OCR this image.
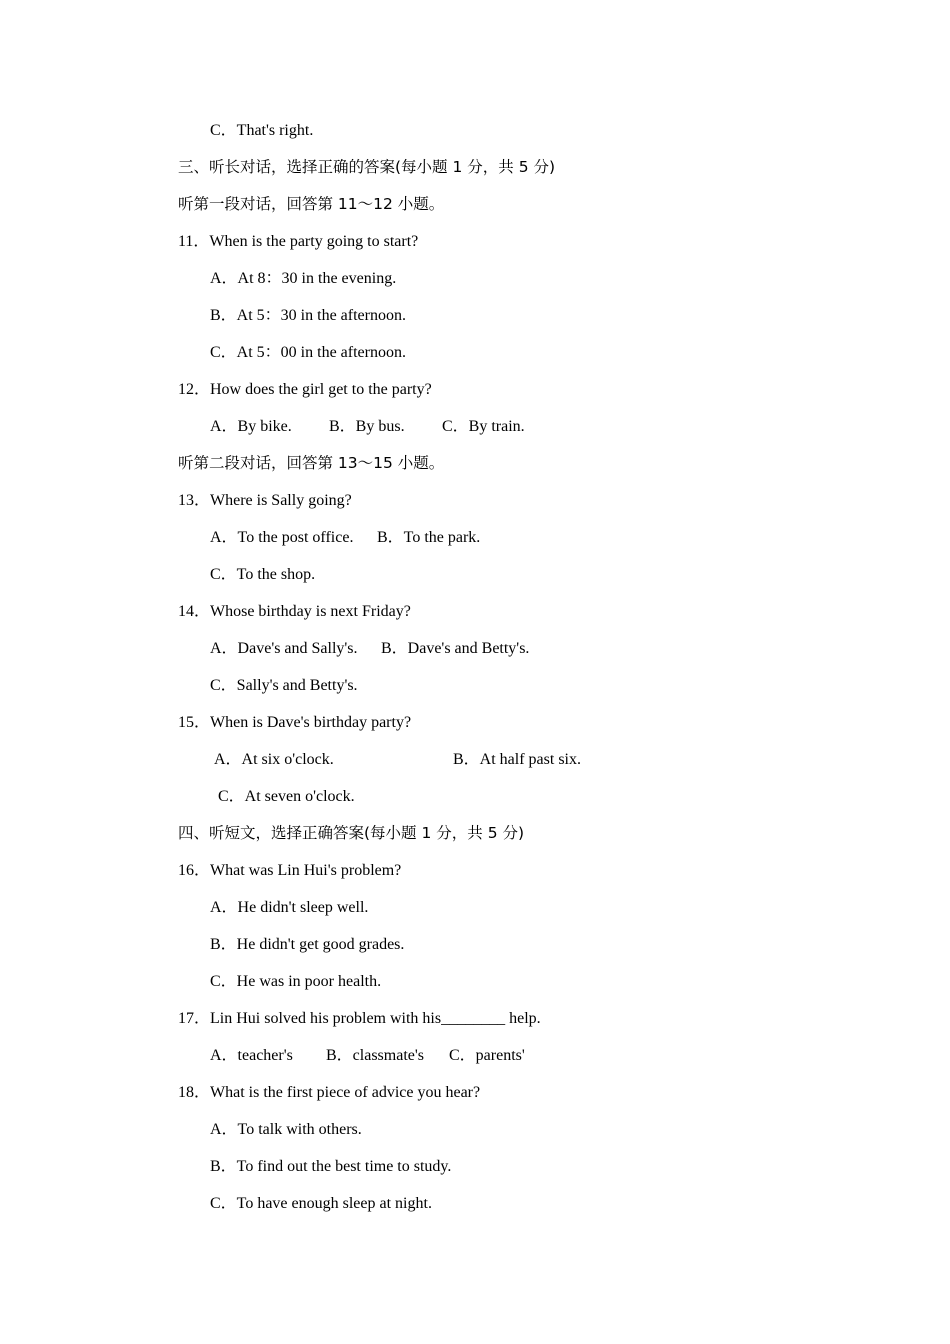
C．That's right.
三、听长对话，选择正确的答案(每小题 1 分，共 5 分)
听第一段对话，回答第 11～12 小题。
11．When is the party going to start?
A．At 8：30 in the evening.
B．At 5：30 in the afternoon.
C．At 5：00 in the afternoon.
12．How does the girl get to the party?
A．By bike. B．By bus. C．By train.
听第二段对话，回答第 13～15 小题。
13．Where is Sally going?
A．To the post office. B．To the park.
C．To the shop.
14．Whose birthday is next Friday?
A．Dave's and Sally's. B．Dave's and Betty's.
C．Sally's and Betty's.
15．When is Dave's birthday party?
A．At six o'clock.	B．At half past six.
C．At seven o'clock.
四、听短文，选择正确答案(每小题 1 分，共 5 分)
16．What was Lin Hui's problem?
A．He didn't sleep well.
B．He didn't get good grades.
C．He was in poor health.
17．Lin Hui solved his problem with his________ help.
A．teacher's B．classmate's C．parents'
18．What is the first piece of advice you hear?
A．To talk with others.
B．To find out the best time to study.
C．To have enough sleep at night.
